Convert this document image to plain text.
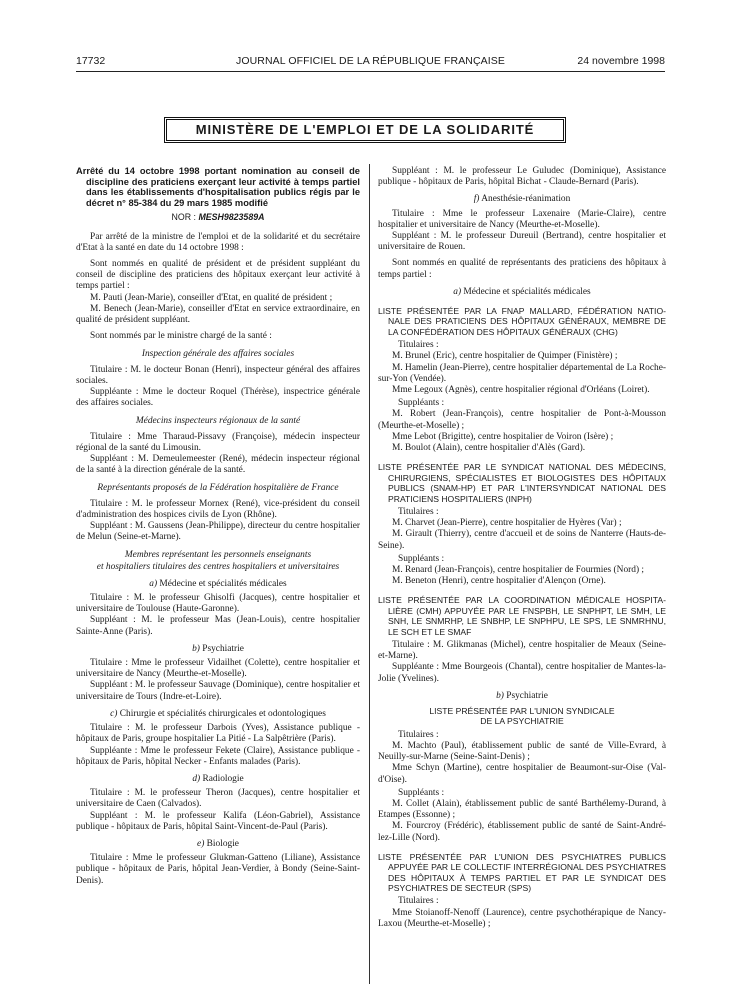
17732	JOURNAL OFFICIEL DE LA RÉPUBLIQUE FRANÇAISE	24 novembre 1998
MINISTÈRE DE L'EMPLOI ET DE LA SOLIDARITÉ

Arrêté du 14 octobre 1998 portant nomination au conseil de discipline des praticiens exerçant leur activité à temps partiel dans les établissements d'hospitalisation publics régis par le décret n° 85-384 du 29 mars 1985 modifié

NOR : MESH9823589A

Par arrêté de la ministre de l'emploi et de la solidarité et du secrétaire d'Etat à la santé en date du 14 octobre 1998 :

Sont nommés en qualité de président et de président suppléant du conseil de discipline des praticiens des hôpitaux exerçant leur activité à temps partiel :

M. Pauti (Jean-Marie), conseiller d'Etat, en qualité de président ;

M. Benech (Jean-Marie), conseiller d'Etat en service extraordinaire, en qualité de président suppléant.

Sont nommés par le ministre chargé de la santé :

Inspection générale des affaires sociales

Titulaire : M. le docteur Bonan (Henri), inspecteur général des affaires sociales.

Suppléante : Mme le docteur Roquel (Thérèse), inspectrice générale des affaires sociales.

Médecins inspecteurs régionaux de la santé

Titulaire : Mme Tharaud-Pissavy (Françoise), médecin inspecteur régional de la santé du Limousin.

Suppléant : M. Demeulemeester (René), médecin inspecteur régional de la santé à la direction générale de la santé.

Représentants proposés de la Fédération hospitalière de France

Titulaire : M. le professeur Mornex (René), vice-président du conseil d'administration des hospices civils de Lyon (Rhône).

Suppléant : M. Gaussens (Jean-Philippe), directeur du centre hospitalier de Melun (Seine-et-Marne).

Membres représentant les personnels enseignants

et hospitaliers titulaires des centres hospitaliers et universitaires

a) Médecine et spécialités médicales

Titulaire : M. le professeur Ghisolfi (Jacques), centre hospitalier et universitaire de Toulouse (Haute-Garonne).

Suppléant : M. le professeur Mas (Jean-Louis), centre hospitalier Sainte-Anne (Paris).

b) Psychiatrie

Titulaire : Mme le professeur Vidailhet (Colette), centre hospitalier et universitaire de Nancy (Meurthe-et-Moselle).

Suppléant : M. le professeur Sauvage (Dominique), centre hospitalier et universitaire de Tours (Indre-et-Loire).

c) Chirurgie et spécialités chirurgicales et odontologiques

Titulaire : M. le professeur Darbois (Yves), Assistance publique - hôpitaux de Paris, groupe hospitalier La Pitié - La Salpêtrière (Paris).

Suppléante : Mme le professeur Fekete (Claire), Assistance publique - hôpitaux de Paris, hôpital Necker - Enfants malades (Paris).

d) Radiologie

Titulaire : M. le professeur Theron (Jacques), centre hospitalier et universitaire de Caen (Calvados).

Suppléant : M. le professeur Kalifa (Léon-Gabriel), Assistance publique - hôpitaux de Paris, hôpital Saint-Vincent-de-Paul (Paris).

e) Biologie

Titulaire : Mme le professeur Glukman-Gatteno (Liliane), Assistance publique - hôpitaux de Paris, hôpital Jean-Verdier, à Bondy (Seine-Saint-Denis).

Suppléant : M. le professeur Le Guludec (Dominique), Assistance publique - hôpitaux de Paris, hôpital Bichat - Claude-Bernard (Paris).

f) Anesthésie-réanimation

Titulaire : Mme le professeur Laxenaire (Marie-Claire), centre hospitalier et universitaire de Nancy (Meurthe-et-Moselle).

Suppléant : M. le professeur Dureuil (Bertrand), centre hospitalier et universitaire de Rouen.

Sont nommés en qualité de représentants des praticiens des hôpitaux à temps partiel :

a) Médecine et spécialités médicales

LISTE PRÉSENTÉE PAR LA FNAP MALLARD, FÉDÉRATION NATIO- NALE DES PRATICIENS DES HÔPITAUX GÉNÉRAUX, MEMBRE DE LA CONFÉDÉRATION DES HÔPITAUX GÉNÉRAUX (CHG)

Titulaires :

M. Brunel (Eric), centre hospitalier de Quimper (Finistère) ;

M. Hamelin (Jean-Pierre), centre hospitalier départemental de La Roche-sur-Yon (Vendée).

Mme Legoux (Agnès), centre hospitalier régional d'Orléans (Loiret).

Suppléants :

M. Robert (Jean-François), centre hospitalier de Pont-à-Mousson (Meurthe-et-Moselle) ;

Mme Lebot (Brigitte), centre hospitalier de Voiron (Isère) ;

M. Boulot (Alain), centre hospitalier d'Alès (Gard).

LISTE PRÉSENTÉE PAR LE SYNDICAT NATIONAL DES MÉDECINS, CHIRURGIENS, SPÉCIALISTES ET BIOLOGISTES DES HÔPITAUX PUBLICS (SNAM-HP) ET PAR L'INTERSYNDICAT NATIONAL DES PRATICIENS HOSPITALIERS (INPH)

Titulaires :

M. Charvet (Jean-Pierre), centre hospitalier de Hyères (Var) ;

M. Girault (Thierry), centre d'accueil et de soins de Nanterre (Hauts-de-Seine).

Suppléants :

M. Renard (Jean-François), centre hospitalier de Fourmies (Nord) ;

M. Beneton (Henri), centre hospitalier d'Alençon (Orne).

LISTE PRÉSENTÉE PAR LA COORDINATION MÉDICALE HOSPITA- LIÈRE (CMH) APPUYÉE PAR LE FNSPBH, LE SNPHPT, LE SMH, LE SNH, LE SNMRHP, LE SNBHP, LE SNPHPU, LE SPS, LE SNMRHNU, LE SCH ET LE SMAF

Titulaire : M. Glikmanas (Michel), centre hospitalier de Meaux (Seine-et-Marne).

Suppléante : Mme Bourgeois (Chantal), centre hospitalier de Mantes-la-Jolie (Yvelines).

b) Psychiatrie

LISTE PRÉSENTÉE PAR L'UNION SYNDICALE

DE LA PSYCHIATRIE

Titulaires :

M. Machto (Paul), établissement public de santé de Ville-Evrard, à Neuilly-sur-Marne (Seine-Saint-Denis) ;

Mme Schyn (Martine), centre hospitalier de Beaumont-sur-Oise (Val-d'Oise).

Suppléants :

M. Collet (Alain), établissement public de santé Barthélemy-Durand, à Etampes (Essonne) ;

M. Fourcroy (Frédéric), établissement public de santé de Saint-André-lez-Lille (Nord).

LISTE PRÉSENTÉE PAR L'UNION DES PSYCHIATRES PUBLICS APPUYÉE PAR LE COLLECTIF INTERRÉGIONAL DES PSYCHIATRES DES HÔPITAUX À TEMPS PARTIEL ET PAR LE SYNDICAT DES PSYCHIATRES DE SECTEUR (SPS)

Titulaires :

Mme Stoianoff-Nenoff (Laurence), centre psychothérapique de Nancy-Laxou (Meurthe-et-Moselle) ;
